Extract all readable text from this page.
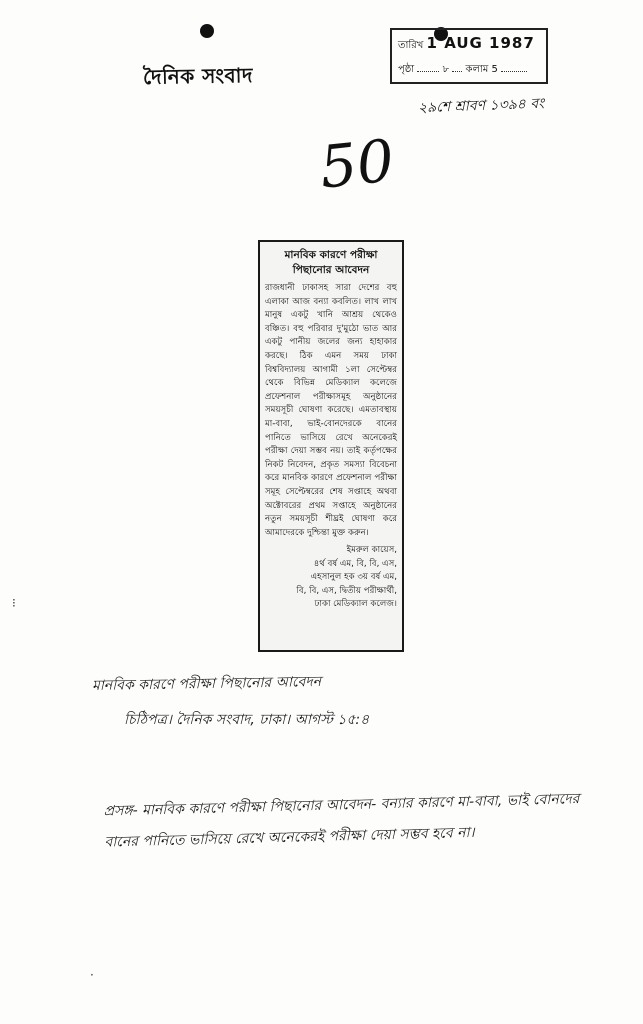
দৈনিক সংবাদ
তারিখ 1 AUG 1987
পৃষ্ঠা	৮ কলাম 5
২৯শে শ্রাবণ ১৩৯৪ বং
50
মানবিক কারণে পরীক্ষা
পিছানোর আবেদন
রাজধানী ঢাকাসহ সারা দেশের বহু এলাকা আজ বন্যা কবলিত। লাখ লাখ মানুষ একটু খানি আশ্রয় থেকেও বঞ্চিত। বহু পরিবার দু'মুঠো ভাত আর একটু পানীয় জলের জন্য হাহাকার করছে। ঠিক এমন সময় ঢাকা বিশ্ববিদ্যালয় আগামী ১লা সেপ্টেম্বর থেকে বিভিন্ন মেডিক্যাল কলেজে প্রফেশনাল পরীক্ষাসমূহ অনুষ্ঠানের সময়সূচী ঘোষণা করেছে। এমতাবস্থায় মা-বাবা, ভাই-বোনদেরকে বানের পানিতে ভাসিয়ে রেখে অনেকেরই পরীক্ষা দেয়া সম্ভব নয়। তাই কর্তৃপক্ষের নিকট নিবেদন, প্রকৃত সমস্যা বিবেচনা করে মানবিক কারণে প্রফেশনাল পরীক্ষা সমূহ সেপ্টেম্বরের শেষ সপ্তাহে অথবা অক্টোবরের প্রথম সপ্তাহে অনুষ্ঠানের নতুন সময়সূচী শীঘ্রই ঘোষণা করে আমাদেরকে দুশ্চিন্তা মুক্ত করুন।
ইমরুল কায়েস,
৪র্থ বর্ষ এম, বি, বি, এস,
এহসানুল হক ৩য় বর্ষ এম,
বি, বি, এস, দ্বিতীয় পরীক্ষার্থী,
ঢাকা মেডিক্যাল কলেজ।
মানবিক কারণে পরীক্ষা পিছানোর আবেদন
চিঠিপত্র। দৈনিক সংবাদ, ঢাকা। আগস্ট ১৫:৪
প্রসঙ্গ- মানবিক কারণে পরীক্ষা পিছানোর আবেদন- বন্যার কারণে মা-বাবা, ভাই বোনদের বানের পানিতে ভাসিয়ে রেখে অনেকেরই পরীক্ষা দেয়া সম্ভব হবে না।
⁝
·
